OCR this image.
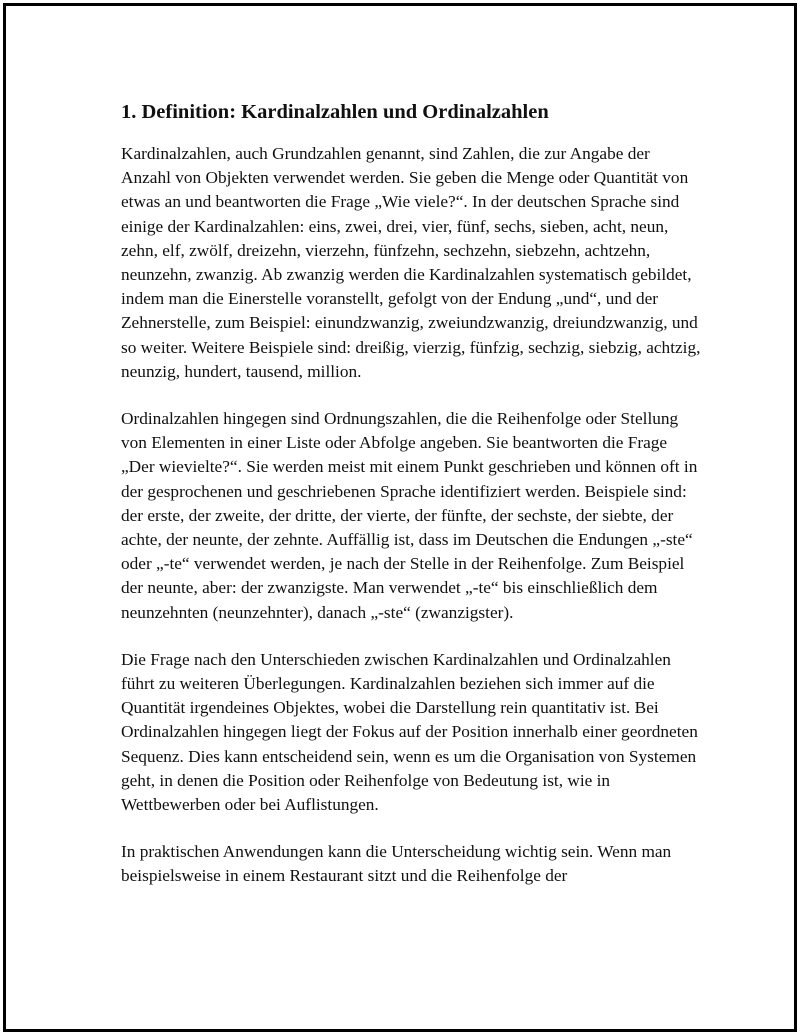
1. Definition: Kardinalzahlen und Ordinalzahlen

Kardinalzahlen, auch Grundzahlen genannt, sind Zahlen, die zur Angabe der Anzahl von Objekten verwendet werden. Sie geben die Menge oder Quantität von etwas an und beantworten die Frage „Wie viele?“. In der deutschen Sprache sind einige der Kardinalzahlen: eins, zwei, drei, vier, fünf, sechs, sieben, acht, neun, zehn, elf, zwölf, dreizehn, vierzehn, fünfzehn, sechzehn, siebzehn, achtzehn, neunzehn, zwanzig. Ab zwanzig werden die Kardinalzahlen systematisch gebildet, indem man die Einerstelle voranstellt, gefolgt von der Endung „und“, und der Zehnerstelle, zum Beispiel: einundzwanzig, zweiundzwanzig, dreiundzwanzig, und so weiter. Weitere Beispiele sind: dreißig, vierzig, fünfzig, sechzig, siebzig, achtzig, neunzig, hundert, tausend, million.

Ordinalzahlen hingegen sind Ordnungszahlen, die die Reihenfolge oder Stellung von Elementen in einer Liste oder Abfolge angeben. Sie beantworten die Frage „Der wievielte?“. Sie werden meist mit einem Punkt geschrieben und können oft in der gesprochenen und geschriebenen Sprache identifiziert werden. Beispiele sind: der erste, der zweite, der dritte, der vierte, der fünfte, der sechste, der siebte, der achte, der neunte, der zehnte. Auffällig ist, dass im Deutschen die Endungen „-ste“ oder „-te“ verwendet werden, je nach der Stelle in der Reihenfolge. Zum Beispiel der neunte, aber: der zwanzigste. Man verwendet „-te“ bis einschließlich dem neunzehnten (neunzehnter), danach „-ste“ (zwanzigster).

Die Frage nach den Unterschieden zwischen Kardinalzahlen und Ordinalzahlen führt zu weiteren Überlegungen. Kardinalzahlen beziehen sich immer auf die Quantität irgendeines Objektes, wobei die Darstellung rein quantitativ ist. Bei Ordinalzahlen hingegen liegt der Fokus auf der Position innerhalb einer geordneten Sequenz. Dies kann entscheidend sein, wenn es um die Organisation von Systemen geht, in denen die Position oder Reihenfolge von Bedeutung ist, wie in Wettbewerben oder bei Auflistungen.

In praktischen Anwendungen kann die Unterscheidung wichtig sein. Wenn man beispielsweise in einem Restaurant sitzt und die Reihenfolge der
